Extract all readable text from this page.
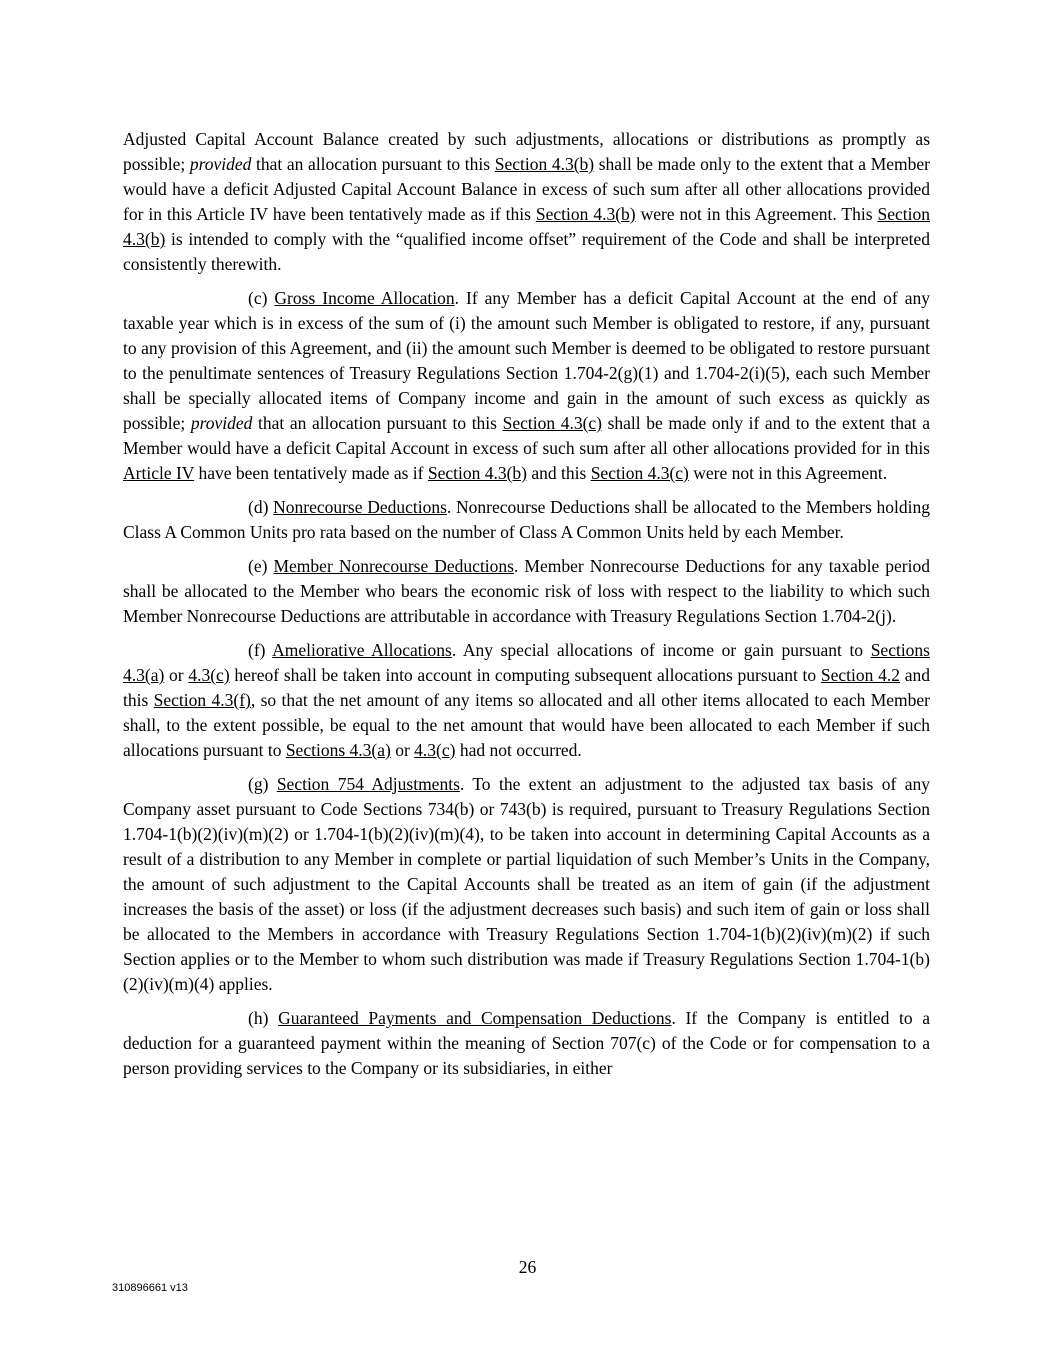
Adjusted Capital Account Balance created by such adjustments, allocations or distributions as promptly as possible; provided that an allocation pursuant to this Section 4.3(b) shall be made only to the extent that a Member would have a deficit Adjusted Capital Account Balance in excess of such sum after all other allocations provided for in this Article IV have been tentatively made as if this Section 4.3(b) were not in this Agreement. This Section 4.3(b) is intended to comply with the “qualified income offset” requirement of the Code and shall be interpreted consistently therewith.

(c) Gross Income Allocation. If any Member has a deficit Capital Account at the end of any taxable year which is in excess of the sum of (i) the amount such Member is obligated to restore, if any, pursuant to any provision of this Agreement, and (ii) the amount such Member is deemed to be obligated to restore pursuant to the penultimate sentences of Treasury Regulations Section 1.704-2(g)(1) and 1.704-2(i)(5), each such Member shall be specially allocated items of Company income and gain in the amount of such excess as quickly as possible; provided that an allocation pursuant to this Section 4.3(c) shall be made only if and to the extent that a Member would have a deficit Capital Account in excess of such sum after all other allocations provided for in this Article IV have been tentatively made as if Section 4.3(b) and this Section 4.3(c) were not in this Agreement.

(d) Nonrecourse Deductions. Nonrecourse Deductions shall be allocated to the Members holding Class A Common Units pro rata based on the number of Class A Common Units held by each Member.

(e) Member Nonrecourse Deductions. Member Nonrecourse Deductions for any taxable period shall be allocated to the Member who bears the economic risk of loss with respect to the liability to which such Member Nonrecourse Deductions are attributable in accordance with Treasury Regulations Section 1.704-2(j).

(f) Ameliorative Allocations. Any special allocations of income or gain pursuant to Sections 4.3(a) or 4.3(c) hereof shall be taken into account in computing subsequent allocations pursuant to Section 4.2 and this Section 4.3(f), so that the net amount of any items so allocated and all other items allocated to each Member shall, to the extent possible, be equal to the net amount that would have been allocated to each Member if such allocations pursuant to Sections 4.3(a) or 4.3(c) had not occurred.

(g) Section 754 Adjustments. To the extent an adjustment to the adjusted tax basis of any Company asset pursuant to Code Sections 734(b) or 743(b) is required, pursuant to Treasury Regulations Section 1.704-1(b)(2)(iv)(m)(2) or 1.704-1(b)(2)(iv)(m)(4), to be taken into account in determining Capital Accounts as a result of a distribution to any Member in complete or partial liquidation of such Member’s Units in the Company, the amount of such adjustment to the Capital Accounts shall be treated as an item of gain (if the adjustment increases the basis of the asset) or loss (if the adjustment decreases such basis) and such item of gain or loss shall be allocated to the Members in accordance with Treasury Regulations Section 1.704-1(b)(2)(iv)(m)(2) if such Section applies or to the Member to whom such distribution was made if Treasury Regulations Section 1.704-1(b)(2)(iv)(m)(4) applies.

(h) Guaranteed Payments and Compensation Deductions. If the Company is entitled to a deduction for a guaranteed payment within the meaning of Section 707(c) of the Code or for compensation to a person providing services to the Company or its subsidiaries, in either

26
310896661 v13
